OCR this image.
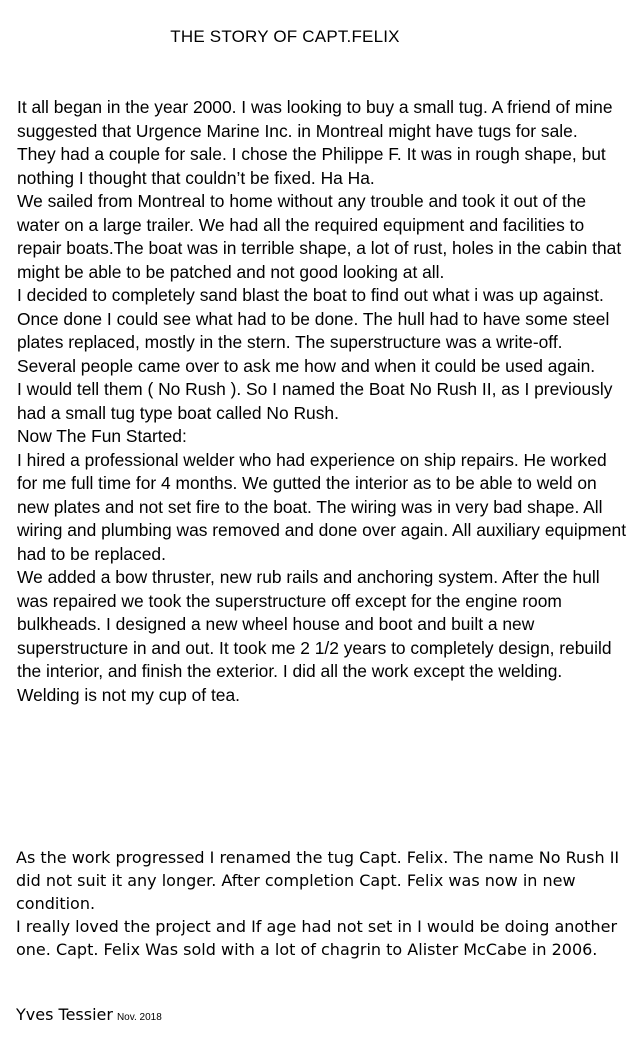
THE STORY OF CAPT.FELIX

It all began in the year 2000. I was looking to buy a small tug. A friend of mine suggested that Urgence Marine Inc. in Montreal might have tugs for sale.

They had a couple for sale. I chose the Philippe F. It was in rough shape, but nothing I thought that couldn’t be fixed. Ha Ha.

We sailed from Montreal to home without any trouble and took it out of the water on a large trailer. We had all the required equipment and facilities to repair boats.The boat was in terrible shape, a lot of rust, holes in the cabin that might be able to be patched and not good looking at all.

I decided to completely sand blast the boat to find out what i was up against. Once done I could see what had to be done. The hull had to have some steel plates replaced, mostly in the stern. The superstructure was a write-off.

Several people came over to ask me how and when it could be used again.

I would tell them ( No Rush ). So I named the Boat No Rush II, as I previously had a small tug type boat called No Rush.

Now The Fun Started:

I hired a professional welder who had experience on ship repairs. He worked for me full time for 4 months. We gutted the interior as to be able to weld on new plates and not set fire to the boat. The wiring was in very bad shape. All wiring and plumbing was removed and done over again. All auxiliary equipment had to be replaced.

We added a bow thruster, new rub rails and anchoring system. After the hull was repaired we took the superstructure off except for the engine room bulkheads. I designed a new wheel house and boot and built a new superstructure in and out. It took me 2 1/2 years to completely design, rebuild the interior, and finish the exterior. I did all the work except the welding. Welding is not my cup of tea.

As the work progressed I renamed the tug Capt. Felix. The name No Rush II did not suit it any longer. After completion Capt. Felix was now in new condition.

I really loved the project and If age had not set in I would be doing another one. Capt. Felix Was sold with a lot of chagrin to Alister McCabe in 2006.

Yves Tessier Nov. 2018
